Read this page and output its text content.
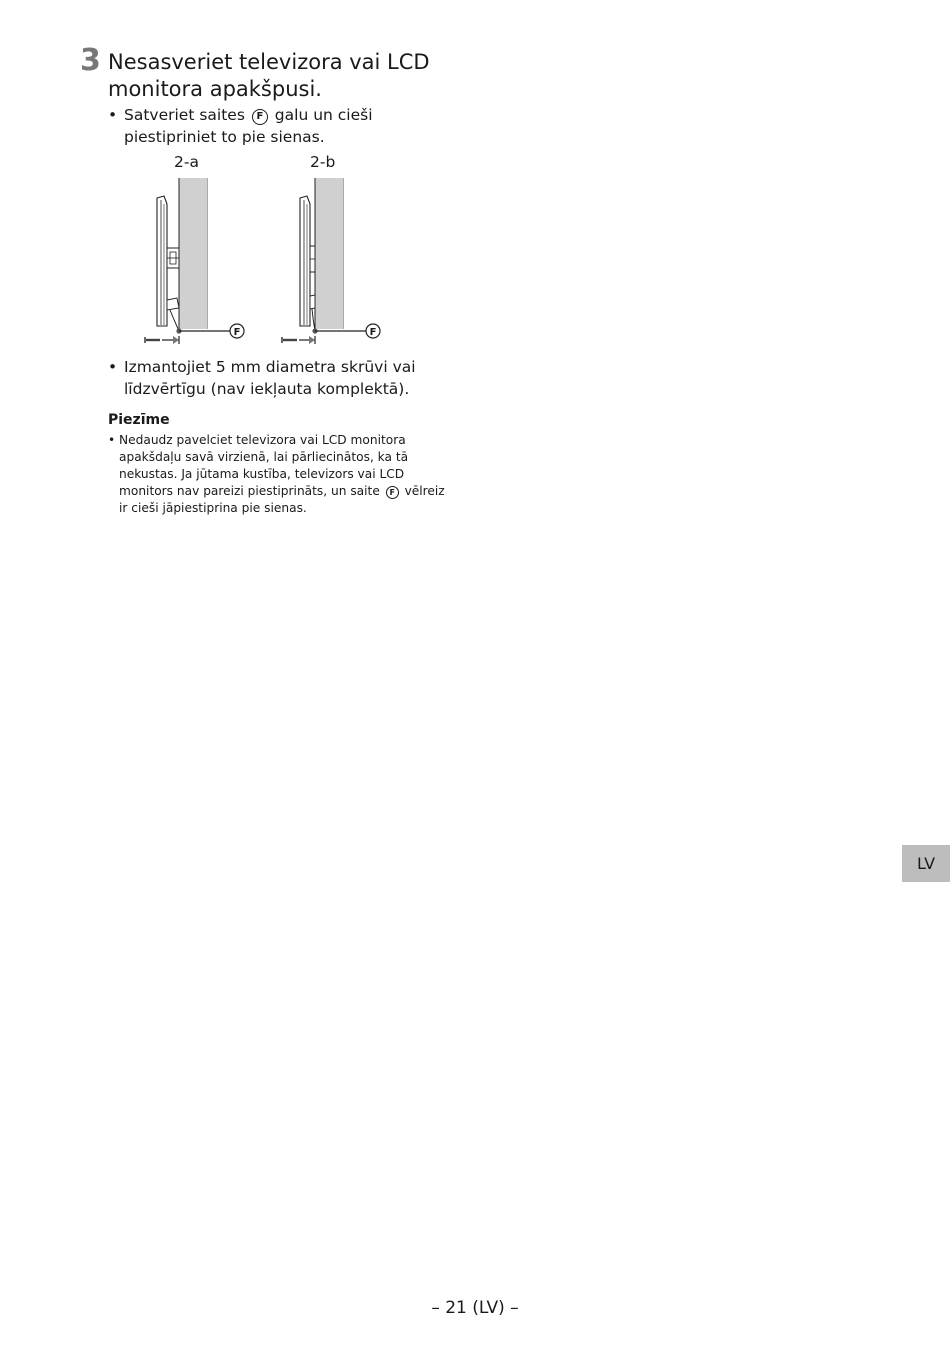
3 Nesasveriet televizora vai LCD
monitora apakšpusi.
• Satveriet saites F galu un cieši
piestipriniet to pie sienas.
2-a	2-b
F	F
• Izmantojiet 5 mm diametra skrūvi vai
līdzvērtīgu (nav iekļauta komplektā).
Piezīme
• Nedaudz pavelciet televizora vai LCD monitora
apakšdaļu savā virzienā, lai pārliecinātos, ka tā
nekustas. Ja jūtama kustība, televizors vai LCD
monitors nav pareizi piestiprināts, un saite F vēlreiz
ir cieši jāpiestiprina pie sienas.
LV
– 21 (LV) –
